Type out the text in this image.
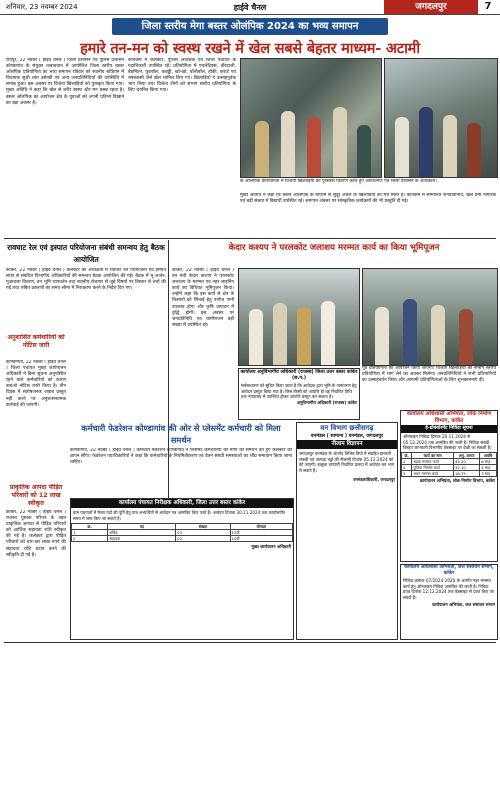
शनिवार, 23 नवम्बर 2024	हाईवे चैनल	जगदलपुर	7
जिला स्तरीय मेगा बस्तर ओलंपिक 2024 का भव्य समापन
हमारे तन-मन को स्वस्थ रखने में खेल सबसे बेहतर माध्यम- अटामी

रायपुर, 22 नवंबर ( हाईवे चैनल ) जिला प्रशासन एवं पुलिस प्रशासन कोण्डागांव के संयुक्त तत्वावधान में आयोजित जिला स्तरीय बस्तर ओलंपिक प्रतियोगिता का भव्य समापन रविवार को स्थानीय स्टेडियम में विधायक सुश्री लता उसेण्डी एवं अन्य जनप्रतिनिधियों की उपस्थिति में सम्पन्न हुआ। इस अवसर पर विजेता खिलाड़ियों को पुरस्कृत किया गया। मुख्य अतिथि ने कहा कि खेल से शरीर स्वस्थ और मन प्रसन्न रहता है। बस्तर ओलंपिक का आयोजन क्षेत्र के युवाओं को अपनी प्रतिभा दिखाने का बड़ा अवसर है।

कार्यक्रम में कलेक्टर, पुलिस अधीक्षक एवं जिला पंचायत के पदाधिकारी उपस्थित रहे। प्रतियोगिता में एथलेटिक्स, तीरंदाजी, बैडमिंटन, फुटबॉल, कबड्डी, खो-खो, वॉलीबॉल, हॉकी, कराटे एवं रस्साकसी जैसे खेल शामिल किए गए। खिलाड़ियों ने उत्साहपूर्वक भाग लिया तथा विजेता टीमों को संभाग स्तरीय प्रतियोगिता के लिए चयनित किया गया।

के ओलंपिक प्रतियोगिता में विजयी खिलाड़ियों को पुरस्कार वितरण करते हुए अतिथिगण एवं जिला प्रशासन के अधिकारी।

मुख्य अतिथि ने कहा कि बस्तर ओलंपिक के माध्यम से सुदूर अंचल के खिलाड़ियों को मंच मिला है। कार्यक्रम में सम्मानित जनप्रतिनिधि, खेल प्रेमी नागरिक एवं बड़ी संख्या में विद्यार्थी उपस्थित रहे। समापन अवसर पर सांस्कृतिक कार्यक्रमों की भी प्रस्तुति दी गई।

रावघाट रेल एवं इस्पात परियोजना संबंधी समन्वय हेतु बैठक आयोजित

कांकेर, 22 नवंबर ( हाईवे चैनल ) कलेक्टर की अध्यक्षता में रावघाट रेल परियोजना एवं इस्पात संयंत्र से संबंधित विभागीय अधिकारियों की समन्वय बैठक आयोजित की गई। बैठक में भू-अर्जन, मुआवजा वितरण, वन भूमि व्यपवर्तन तथा स्थानीय रोजगार से जुड़े विषयों पर विस्तार से चर्चा की गई तथा लंबित प्रकरणों का समय-सीमा में निराकरण करने के निर्देश दिए गए।

केदार कश्यप ने परलकोट जलाशय मरम्मत कार्य का किया भूमिपूजन

कांकेर, 22 नवंबर ( हाईवे चैनल ) वन मंत्री केदार कश्यप ने परलकोट जलाशय के मरम्मत एवं नहर लाइनिंग कार्य का विधिवत भूमिपूजन किया। उन्होंने कहा कि इस कार्य से क्षेत्र के किसानों को सिंचाई हेतु पर्याप्त पानी उपलब्ध होगा और कृषि उत्पादन में वृद्धि होगी। इस अवसर पर जनप्रतिनिधि एवं ग्रामीणजन बड़ी संख्या में उपस्थित रहे।

पूर्व प्रतियोगिता का आयोजन किया जाएगा। विजेता खिलाड़ियों को संभाग स्तरीय प्रतियोगिता में भाग लेने का अवसर मिलेगा। जनप्रतिनिधियों ने सभी प्रतिभागियों का उत्साहवर्धन किया और आगामी प्रतियोगिताओं के लिए शुभकामनाएं दीं।

अनुशासित कर्मचारियों को नोटिस जारी

कोण्डागांव, 22 नवंबर ( हाईवे चैनल ) जिला पंचायत मुख्य कार्यपालन अधिकारी ने बिना सूचना अनुपस्थित रहने वाले कर्मचारियों को कारण बताओ नोटिस जारी किया है। तीन दिवस में संतोषजनक जवाब प्रस्तुत नहीं करने पर अनुशासनात्मक कार्रवाई की जाएगी।

प्राकृतिक आपदा पीड़ित परिवारों को 12 लाख स्वीकृत

कांकेर, 22 नवंबर ( हाईवे चैनल ) राजस्व पुस्तक परिपत्र के तहत प्राकृतिक आपदा से पीड़ित परिवारों को आर्थिक सहायता राशि स्वीकृत की गई है। कलेक्टर द्वारा पीड़ित परिवारों को चार-चार लाख रुपये की सहायता राशि प्रदान करने की स्वीकृति दी गई है।

कर्मचारी फेडरेशन कोण्डागांव की ओर से प्लेसमेंट कर्मचारी को मिला समर्थन

कोण्डागांव, 22 नवंबर ( हाईवे चैनल ) कर्मचारी फेडरेशन कोण्डागांव ने प्लेसमेंट कर्मचारियों की मांगों को समर्थन देते हुए कलेक्टर को ज्ञापन सौंपा। फेडरेशन पदाधिकारियों ने कहा कि कर्मचारियों के नियमितीकरण एवं वेतन संबंधी समस्याओं का शीघ्र समाधान किया जाना चाहिए।

कार्यालय पंचायत निरीक्षक अधिकारी, जिला उत्तर बस्तर कांकेर
ग्राम पंचायतों में रिक्त पदों की पूर्ति हेतु पात्र अभ्यर्थियों से आवेदन पत्र आमंत्रित किए जाते हैं। आवेदन दिनांक 30.11.2024 तक कार्यालयीन समय में जमा किए जा सकते हैं।
क्र.	पद	संख्या	योग्यता
1	सचिव	03	12वीं
2	सहायक	02	10वीं
मुख्य कार्यपालन अधिकारी
कार्यालय अनुविभागीय अधिकारी (राजस्व) जिला उत्तर बस्तर कांकेर (छ.ग.)
सर्वसाधारण को सूचित किया जाता है कि आवेदक द्वारा भूमि के नामांतरण हेतु आवेदन प्रस्तुत किया गया है। जिस किसी को आपत्ति हो वह निर्धारित तिथि तक न्यायालय में उपस्थित होकर आपत्ति प्रस्तुत कर सकता है।
अनुविभागीय अधिकारी (राजस्व) कांकेर
वन विभाग छत्तीसगढ़
वनमंडल ( सामान्य ) वनमंडल, जगदलपुर
नीलाम विज्ञापन
जगदलपुर वनमंडल के अंतर्गत विभिन्न डिपो में संग्रहित इमारती लकड़ी एवं जलाऊ चट्टों की नीलामी दिनांक 05.12.2024 को की जाएगी। इच्छुक व्यापारी निर्धारित प्रारूप में आवेदन कर भाग ले सकते हैं।
वनमंडलाधिकारी, जगदलपुर
कार्यालय अधिशासी अभियंता, लोक निर्माण विभाग, कांकेर
ई-प्रोक्योरमेंट निविदा सूचना
ऑनलाइन निविदा दिनांक 20.11.2024 से 05.12.2024 तक आमंत्रित की जाती है। निविदा संबंधी विस्तृत जानकारी विभागीय वेबसाइट पर देखी जा सकती है।
क्र.	कार्य का नाम	अनु. लागत	अवधि
1	सड़क मरम्मत कार्य	45.20	6 माह
2	पुलिया निर्माण कार्य	32.10	4 माह
3	भवन मरम्मत कार्य	18.75	3 माह
कार्यपालन अभियंता, लोक निर्माण विभाग, कांकेर
कार्यालय अधिशासी अभियंता, जल संसाधन संभाग, कांकेर
निविदा क्रमांक 07/2024-2025 के अंतर्गत नहर मरम्मत कार्य हेतु ऑनलाइन निविदा आमंत्रित की जाती है। निविदा प्रपत्र दिनांक 12.12.2024 तक वेबसाइट से प्राप्त किए जा सकते हैं।
कार्यपालन अभियंता, जल संसाधन संभाग
